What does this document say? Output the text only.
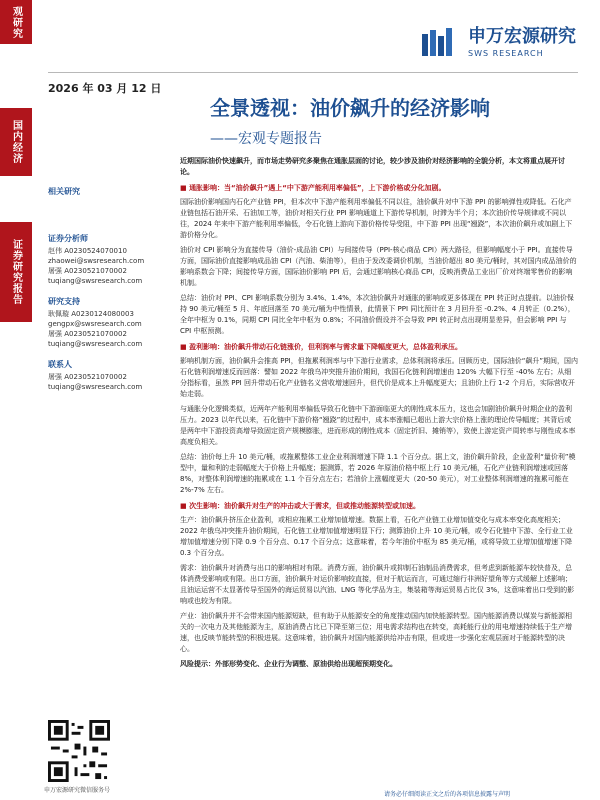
观研究
国内经济
证券研究报告
申万宏源研究
SWS RESEARCH
2026 年 03 月 12 日
全景透视：油价飙升的经济影响
——宏观专题报告
相关研究
证券分析师
赵伟 A0230524070010
zhaowei@swsresearch.com
屠强 A0230521070002
tuqiang@swsresearch.com
研究支持
耿佩璇 A0230124080003
gengpx@swsresearch.com
屠强 A0230521070002
tuqiang@swsresearch.com
联系人
屠强 A0230521070002
tuqiang@swsresearch.com
申万宏源研究微信服务号
近期国际油价快速飙升，而市场走势研究多聚焦在通胀层面的讨论，较少涉及油价对经济影响的全貌分析，本文将重点展开讨论。
■ 通胀影响：当“油价飙升”遇上“中下游产能利用率偏低”，上下游价格或分化加剧。
国际油价影响国内石化产业链 PPI，但本次中下游产能利用率偏低不同以往，油价飙升对中下游 PPI 的影响弹性或降低。石化产业链包括石油开采、石油加工等，油价对相关行业 PPI 影响通道上下游传导机制，时滞为半个月；本次油价传导规律或不同以往，2024 年来中下游产能利用率偏低，令石化链上游向下游价格传导受阻，中下游 PPI 出现“翘跷”，本次油价飙升或加剧上下游价格分化。
油价对 CPI 影响分为直接传导（油价-成品油 CPI）与间接传导（PPI-核心商品 CPI）两大路径，但影响幅度小于 PPI。直接传导方面，国际油价直接影响成品油 CPI（汽油、柴油等），但由于发改委调价机制，当油价超出 80 美元/桶时，其对国内成品油价的影响系数会下降；间接传导方面，国际油价影响 PPI 后，会通过影响核心商品 CPI，反映消费品工业出厂价对终端零售价的影响机制。
总结：油价对 PPI、CPI 影响系数分别为 3.4%、1.4%，本次油价飙升对通胀的影响或更多体现在 PPI 转正时点提前。以油价保持 90 美元/桶至 5 月、年底回落至 70 美元/桶为中性情景，此情景下 PPI 同比预计在 3 月回升至 -0.2%、4 月转正（0.2%），全年中枢为 0.1%，同期 CPI 同比全年中枢为 0.8%；不同油价假设并不会导致 PPI 转正时点出现明显差异，但会影响 PPI 与 CPI 中枢预测。
■ 盈利影响：油价飙升带动石化链涨价，但利润率与需求量下降幅度更大，总体盈利承压。
影响机制方面，油价飙升会推高 PPI，但拖累利润率与中下游行业需求，总体利润将承压。回顾历史，国际油价“飙升”期间，国内石化链利润增速反而回落：譬如 2022 年俄乌冲突推升油价期间，我国石化链利润增速由 120% 大幅下行至 -40% 左右；从细分指标看，虽然 PPI 回升带动石化产业链名义营收增速回升，但代价是成本上升幅度更大；且油价上行 1-2 个月后，实际营收开始走弱。
与通胀分化逻辑类似，近两年产能利用率偏低导致石化链中下游面临更大的刚性成本压力，这也会加剧油价飙升时期企业的盈利压力。2023 以年代以来，石化链中下游价格“翘跷”的过程中，成本率涨幅已超出上游大宗价格上涨的理论传导幅度；其背后或是两年中下游投资高增导致固定资产规模膨胀，进而形成的刚性成本（固定折旧、摊销等），致使上游定资产周转率与刚性成本率高度负相关。
总结：油价每上升 10 美元/桶，或拖累整体工业企业利润增速下降 1.1 个百分点。据上文，油价飙升阶段，企业盈利“量价利”模型中，量和利的走弱幅度大于价格上升幅度；据测算，若 2026 年原油价格中枢上行 10 美元/桶，石化产业链利润增速或回落 8%，对整体利润增速的拖累或在 1.1 个百分点左右；若油价上涨幅度更大（20-50 美元），对工业整体利润增速的拖累可能在 2%-7% 左右。
■ 次生影响：油价飙升对生产的冲击或大于需求，但或推动能源转型或加速。
生产：油价飙升挤压企业盈利，或相应拖累工业增加值增速。数据上看，石化产业链工业增加值变化与成本率变化高度相关；2022 年俄乌冲突推升油价期间，石化链工业增加值增速明显下行；测算油价上升 10 美元/桶，或令石化链中下游、全行业工业增加值增速分别下降 0.9 个百分点、0.17 个百分点；这意味着，若今年油价中枢为 85 美元/桶，或将导致工业增加值增速下降 0.3 个百分点。
需求：油价飙升对消费与出口的影响相对有限。消费方面，油价飙升或抑制石油制品消费需求，但考虑到新能源车较快普及，总体消费受影响或有限。出口方面，油价飙升对运价影响较直接，但对于航运而言，可通过缩行非洲好望角等方式缓解上述影响；且油运运营不太显著传导至国外的海运贸易以汽油、LNG 等化学品为主，集装箱等海运贸易占比仅 3%，这意味着出口受到的影响或也较为有限。
产业：油价飙升并不会带来国内能源短缺，但有助于从能源安全的角度推动国内加快能源转型。国内能源消费以煤炭与新能源相关的一次电力及其他能源为主，原油消费占比已下降至第三位；用电需求结构也在转变，高耗能行业的用电增速持续低于生产增速，也反映节能转型的积极进展。这意味着，油价飙升对国内能源供给冲击有限，但或进一步强化宏观层面对于能源转型的决心。
风险提示：外部形势变化、企业行为调整、原油供给出现超预期变化。
请务必仔细阅读正文之后的各项信息披露与声明
